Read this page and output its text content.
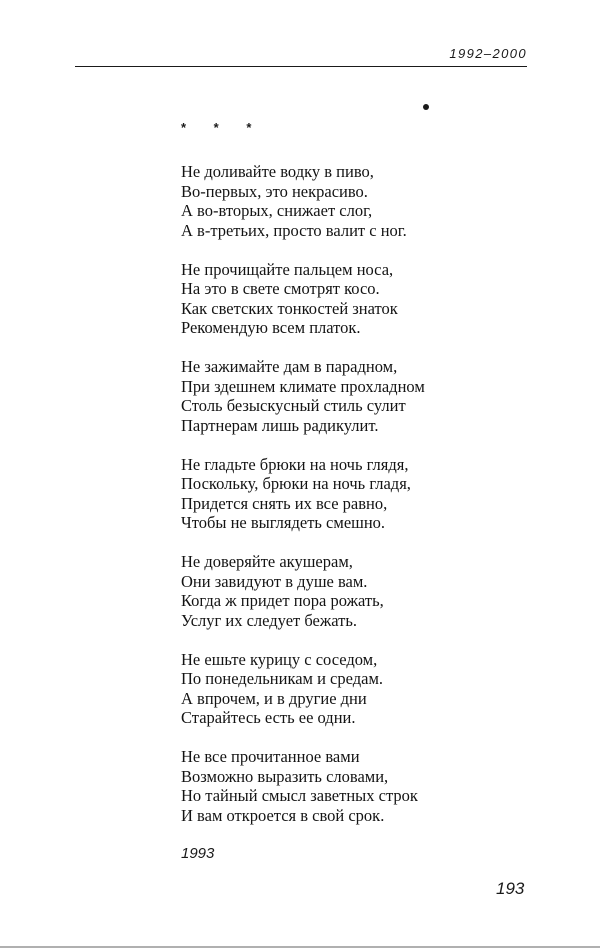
1992–2000
* * *
Не доливайте водку в пиво,
Во-первых, это некрасиво.
А во-вторых, снижает слог,
А в-третьих, просто валит с ног.
Не прочищайте пальцем носа,
На это в свете смотрят косо.
Как светских тонкостей знаток
Рекомендую всем платок.
Не зажимайте дам в парадном,
При здешнем климате прохладном
Столь безыскусный стиль сулит
Партнерам лишь радикулит.
Не гладьте брюки на ночь глядя,
Поскольку, брюки на ночь гладя,
Придется снять их все равно,
Чтобы не выглядеть смешно.
Не доверяйте акушерам,
Они завидуют в душе вам.
Когда ж придет пора рожать,
Услуг их следует бежать.
Не ешьте курицу с соседом,
По понедельникам и средам.
А впрочем, и в другие дни
Старайтесь есть ее одни.
Не все прочитанное вами
Возможно выразить словами,
Но тайный смысл заветных строк
И вам откроется в свой срок.
1993
193
